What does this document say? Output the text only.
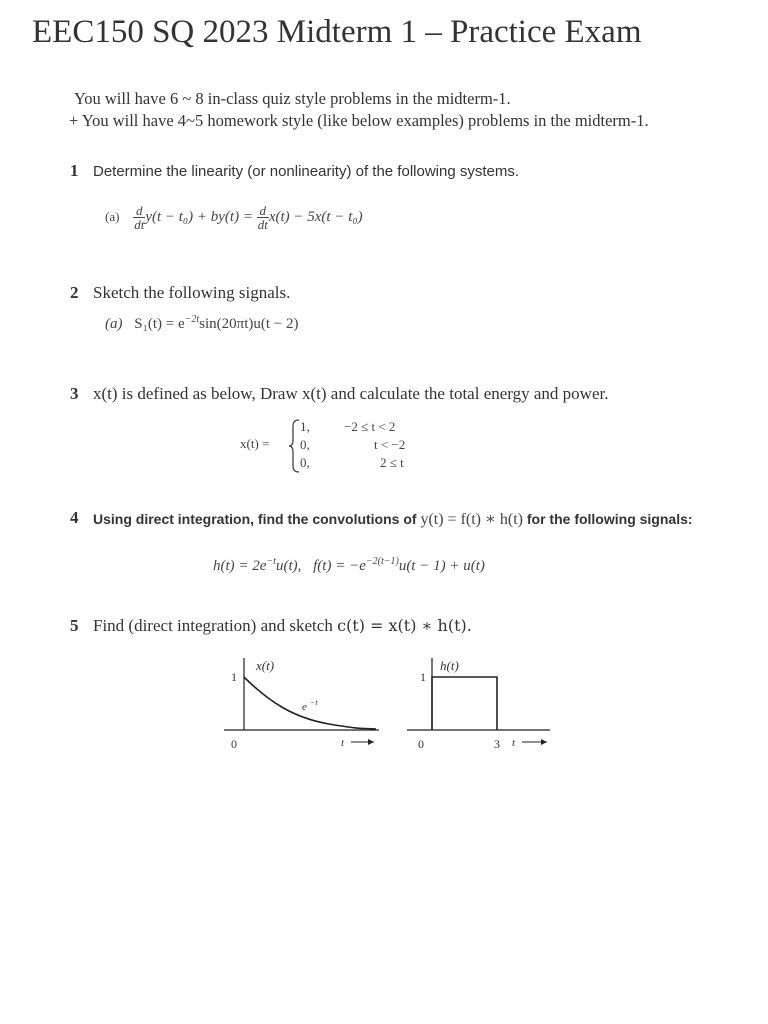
EEC150 SQ 2023 Midterm 1 – Practice Exam
You will have 6 ~ 8 in-class quiz style problems in the midterm-1.
+ You will have 4~5 homework style (like below examples) problems in the midterm-1.
1 Determine the linearity (or nonlinearity) of the following systems.
$(a) \frac{d}{dt} y(t - t_0) + by(t) = \frac{d}{dt} x(t) - 5x(t - t_0)$
2 Sketch the following signals.
(a) $S_1(t) = e^{-2t}\sin(20\pi t)u(t - 2)$
3 x(t) is defined as below, Draw x(t) and calculate the total energy and power.
x(t) =
1,	−2 ≤ t < 2
0,	t < −2
0,	2 ≤ t
4 Using direct integration, find the convolutions of y(t) = f(t) ∗ h(t) for the following signals:
$h(t) = 2e^{-t}u(t)$, $f(t) = -e^{-2(t-1)}u(t - 1) + u(t)$
5 Find (direct integration) and sketch c(t) = x(t) ∗ h(t).
x(t)
1
e −t
0	t
h(t)
1
0	3 t
